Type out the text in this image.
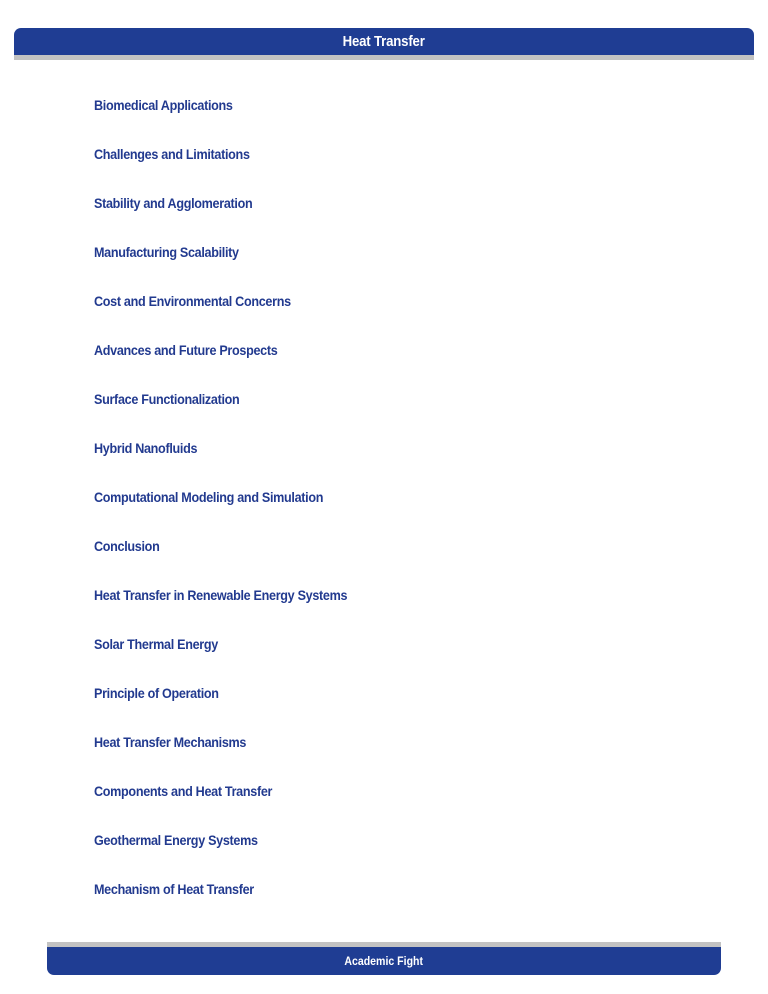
Heat Transfer
Biomedical Applications
Challenges and Limitations
Stability and Agglomeration
Manufacturing Scalability
Cost and Environmental Concerns
Advances and Future Prospects
Surface Functionalization
Hybrid Nanofluids
Computational Modeling and Simulation
Conclusion
Heat Transfer in Renewable Energy Systems
Solar Thermal Energy
Principle of Operation
Heat Transfer Mechanisms
Components and Heat Transfer
Geothermal Energy Systems
Mechanism of Heat Transfer
Academic Fight
